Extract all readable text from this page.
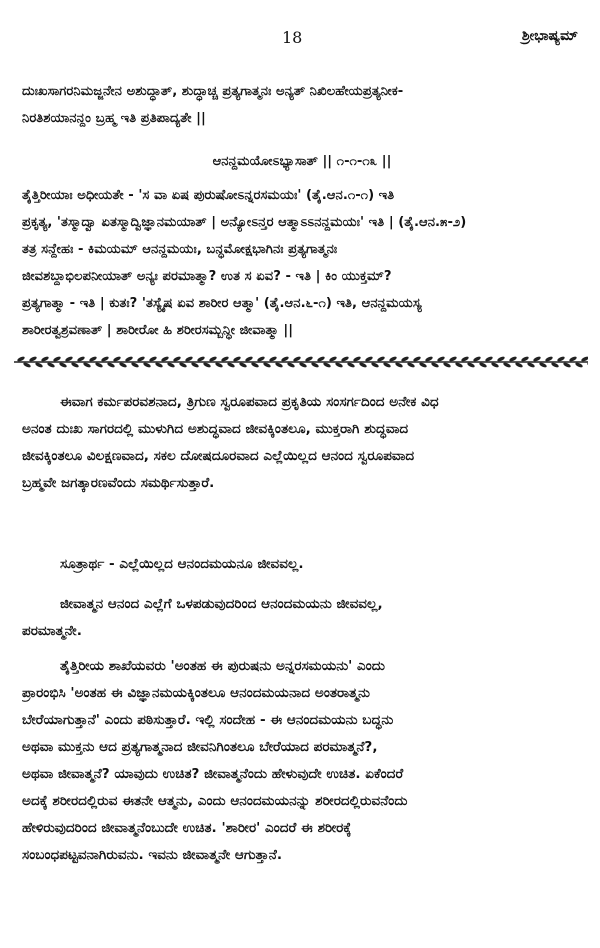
18	ಶ್ರೀಭಾಷ್ಯಮ್
ದುಃಖಸಾಗರನಿಮಜ್ಜನೇನ ಅಶುದ್ಧಾತ್, ಶುದ್ಧಾಚ್ಚ ಪ್ರತ್ಯಗಾತ್ಮನಃ ಅನ್ಯತ್ ನಿಖಿಲಹೇಯಪ್ರತ್ಯನೀಕ-
ನಿರತಿಶಯಾನನ್ದಂ ಬ್ರಹ್ಮ ಇತಿ ಪ್ರತಿಪಾದ್ಯತೇ ||
ಆನನ್ದಮಯೋಽಭ್ಯಾಸಾತ್ || ೧-೧-೧೩ ||
ತೈತ್ತಿರೀಯಾಃ ಅಧೀಯತೇ - 'ಸ ವಾ ಏಷ ಪುರುಷೋಽನ್ನರಸಮಯಃ' (ತೈ.ಆನ.೧-೧) ಇತಿ
ಪ್ರಕೃತ್ಯ, 'ತಸ್ಮಾದ್ವಾ ಏತಸ್ಮಾದ್ವಿಜ್ಞಾನಮಯಾತ್ | ಅನ್ಯೋಽನ್ತರ ಆತ್ಮಾಽಽನನ್ದಮಯಃ' ಇತಿ | (ತೈ.ಆನ.೫-೨)
ತತ್ರ ಸನ್ದೇಹಃ - ಕಿಮಯಮ್ ಆನನ್ದಮಯಃ, ಬನ್ಧಮೋಕ್ಷಭಾಗಿನಃ ಪ್ರತ್ಯಗಾತ್ಮನಃ
ಜೀವಶಬ್ದಾಭಿಲಪನೀಯಾತ್ ಅನ್ಯಃ ಪರಮಾತ್ಮಾ? ಉತ ಸ ಏವ? - ಇತಿ | ಕಿಂ ಯುಕ್ತಮ್?
ಪ್ರತ್ಯಗಾತ್ಮಾ - ಇತಿ | ಕುತಃ? 'ತಸ್ಯೈಷ ಏವ ಶಾರೀರ ಆತ್ಮಾ' (ತೈ.ಆನ.೬-೧) ಇತಿ, ಆನನ್ದಮಯಸ್ಯ
ಶಾರೀರತ್ವಶ್ರವಣಾತ್ | ಶಾರೀರೋ ಹಿ ಶರೀರಸಮ್ಬನ್ಧೀ ಜೀವಾತ್ಮಾ ||
ಈವಾಗ ಕರ್ಮಪರವಶನಾದ, ತ್ರಿಗುಣ ಸ್ವರೂಪವಾದ ಪ್ರಕೃತಿಯ ಸಂಸರ್ಗದಿಂದ ಅನೇಕ ವಿಧ
ಅನಂತ ದುಃಖ ಸಾಗರದಲ್ಲಿ ಮುಳುಗಿದ ಅಶುದ್ಧವಾದ ಜೀವಕ್ಕಿಂತಲೂ, ಮುಕ್ತರಾಗಿ ಶುದ್ಧವಾದ
ಜೀವಕ್ಕಿಂತಲೂ ವಿಲಕ್ಷಣವಾದ, ಸಕಲ ದೋಷದೂರವಾದ ಎಲ್ಲೆಯಿಲ್ಲದ ಆನಂದ ಸ್ವರೂಪವಾದ
ಬ್ರಹ್ಮವೇ ಜಗತ್ಕಾರಣವೆಂದು ಸಮರ್ಥಿಸುತ್ತಾರೆ.
ಸೂತ್ರಾರ್ಥ - ಎಲ್ಲೆಯಿಲ್ಲದ ಆನಂದಮಯನೂ ಜೀವವಲ್ಲ.
ಜೀವಾತ್ಮನ ಆನಂದ ಎಲ್ಲೆಗೆ ಒಳಪಡುವುದರಿಂದ ಆನಂದಮಯನು ಜೀವವಲ್ಲ,
ಪರಮಾತ್ಮನೇ.
ತೈತ್ತಿರೀಯ ಶಾಖೆಯವರು 'ಅಂತಹ ಈ ಪುರುಷನು ಅನ್ನರಸಮಯನು' ಎಂದು
ಪ್ರಾರಂಭಿಸಿ 'ಅಂತಹ ಈ ವಿಜ್ಞಾನಮಯಕ್ಕಿಂತಲೂ ಆನಂದಮಯನಾದ ಅಂತರಾತ್ಮನು
ಬೇರೆಯಾಗುತ್ತಾನೆ' ಎಂದು ಪಠಿಸುತ್ತಾರೆ. ಇಲ್ಲಿ ಸಂದೇಹ - ಈ ಆನಂದಮಯನು ಬದ್ಧನು
ಅಥವಾ ಮುಕ್ತನು ಆದ ಪ್ರತ್ಯಗಾತ್ಮನಾದ ಜೀವನಿಗಿಂತಲೂ ಬೇರೆಯಾದ ಪರಮಾತ್ಮನೆ?,
ಅಥವಾ ಜೀವಾತ್ಮನೆ? ಯಾವುದು ಉಚಿತ? ಜೀವಾತ್ಮನೆಂದು ಹೇಳುವುದೇ ಉಚಿತ. ಏಕೆಂದರೆ
ಅದಕ್ಕೆ ಶರೀರದಲ್ಲಿರುವ ಈತನೇ ಆತ್ಮನು, ಎಂದು ಆನಂದಮಯನನ್ನು ಶರೀರದಲ್ಲಿರುವನೆಂದು
ಹೇಳಿರುವುದರಿಂದ ಜೀವಾತ್ಮನೆಂಬುದೇ ಉಚಿತ. 'ಶಾರೀರ' ಎಂದರೆ ಈ ಶರೀರಕ್ಕೆ
ಸಂಬಂಧಪಟ್ಟವನಾಗಿರುವನು. ಇವನು ಜೀವಾತ್ಮನೇ ಆಗುತ್ತಾನೆ.
